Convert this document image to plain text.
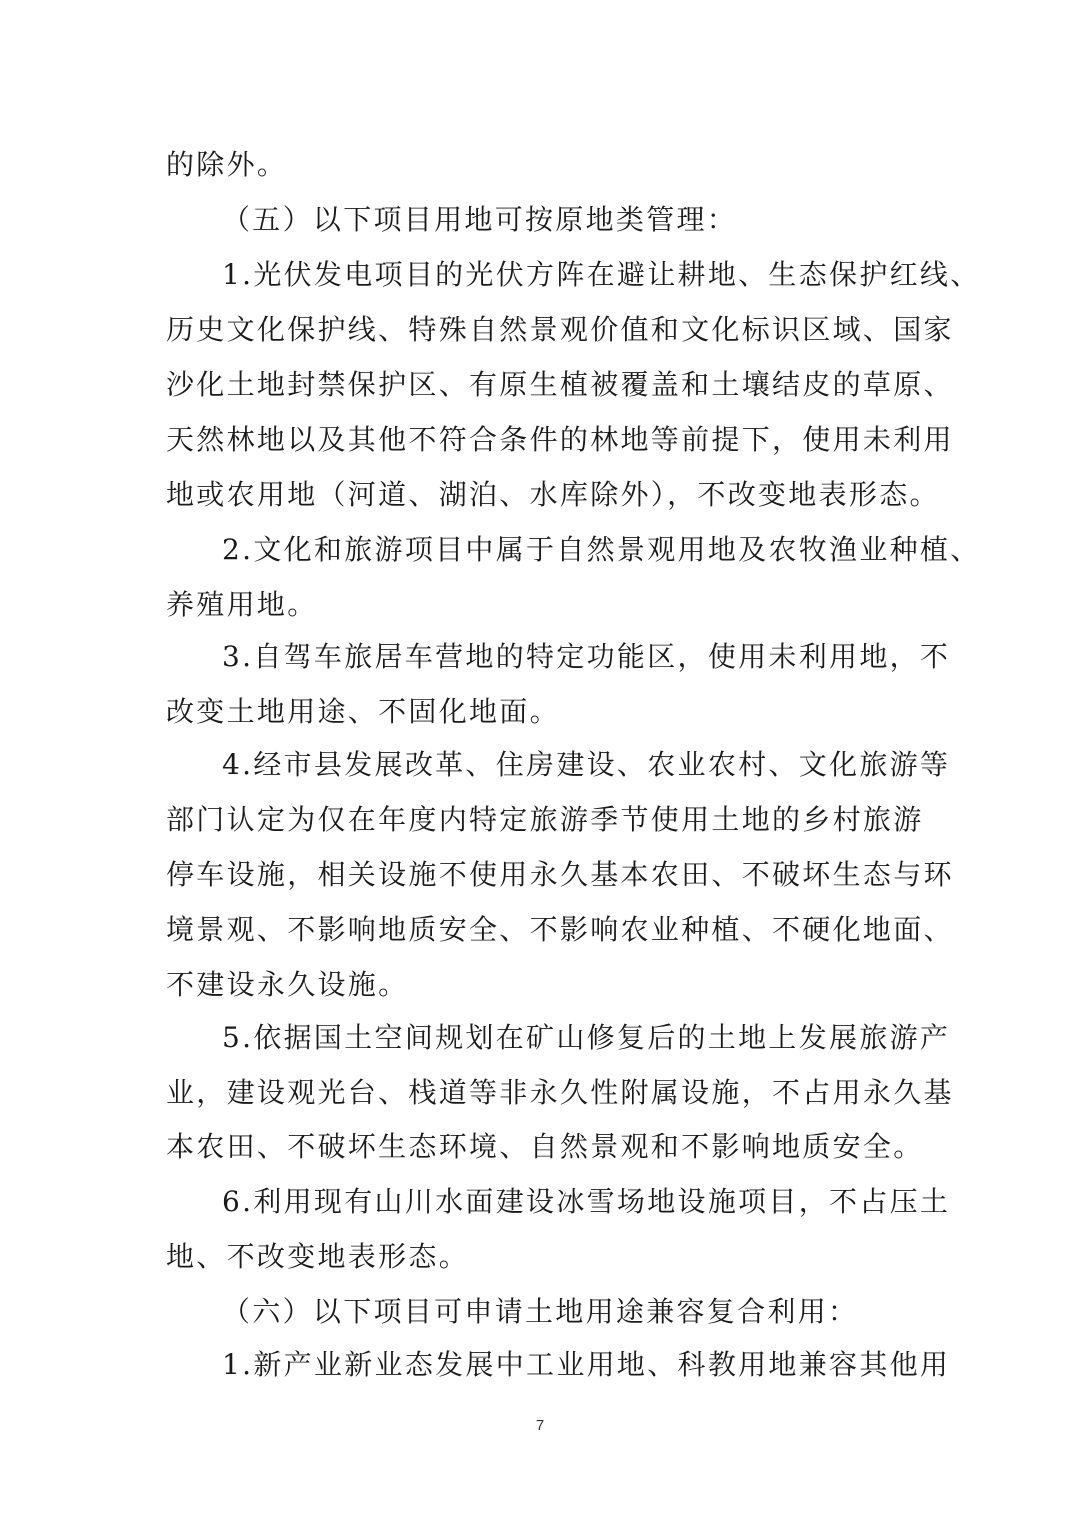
的除外。
（五）以下项目用地可按原地类管理：
1.光伏发电项目的光伏方阵在避让耕地、生态保护红线、
历史文化保护线、特殊自然景观价值和文化标识区域、国家
沙化土地封禁保护区、有原生植被覆盖和土壤结皮的草原、
天然林地以及其他不符合条件的林地等前提下，使用未利用
地或农用地（河道、湖泊、水库除外），不改变地表形态。
2.文化和旅游项目中属于自然景观用地及农牧渔业种植、
养殖用地。
3.自驾车旅居车营地的特定功能区，使用未利用地，不
改变土地用途、不固化地面。
4.经市县发展改革、住房建设、农业农村、文化旅游等
部门认定为仅在年度内特定旅游季节使用土地的乡村旅游
停车设施，相关设施不使用永久基本农田、不破坏生态与环
境景观、不影响地质安全、不影响农业种植、不硬化地面、
不建设永久设施。
5.依据国土空间规划在矿山修复后的土地上发展旅游产
业，建设观光台、栈道等非永久性附属设施，不占用永久基
本农田、不破坏生态环境、自然景观和不影响地质安全。
6.利用现有山川水面建设冰雪场地设施项目，不占压土
地、不改变地表形态。
（六）以下项目可申请土地用途兼容复合利用：
1.新产业新业态发展中工业用地、科教用地兼容其他用
7
